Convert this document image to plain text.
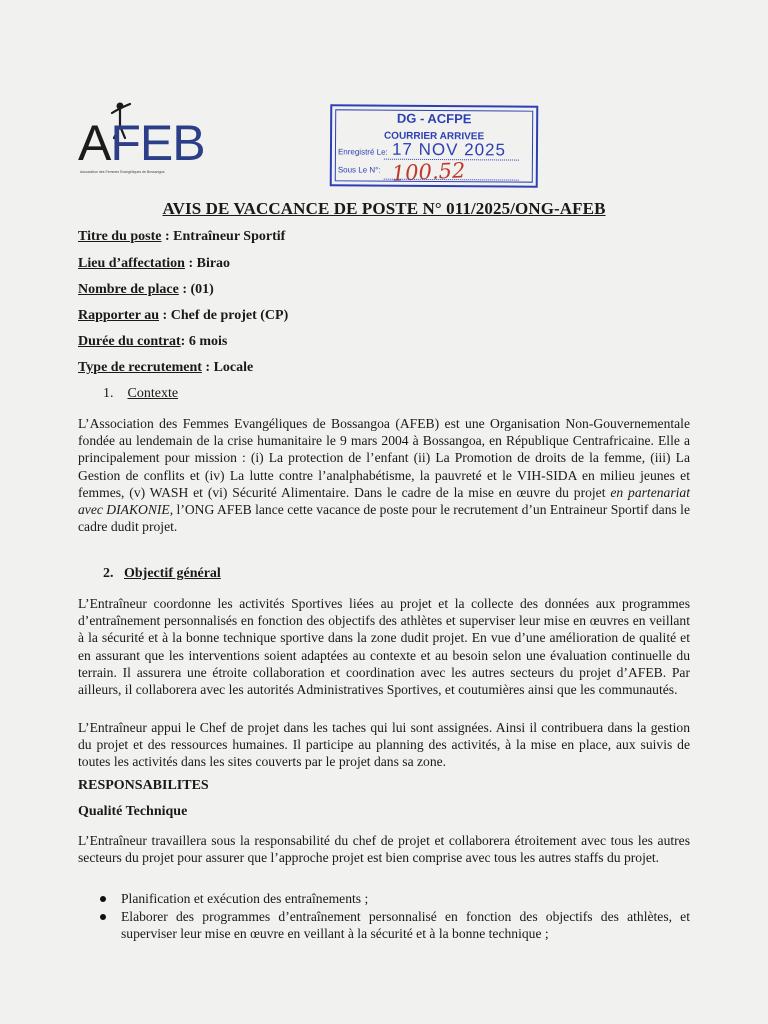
AFEB
Association des Femmes Evangéliques de Bossangoa
DG - ACFPE
COURRIER ARRIVEE
Enregistré Le: 17 NOV 2025
Sous Le N°: 100.52
AVIS DE VACCANCE DE POSTE N° 011/2025/ONG-AFEB
Titre du poste : Entraîneur Sportif
Lieu d’affectation : Birao
Nombre de place : (01)
Rapporter au : Chef de projet (CP)
Durée du contrat: 6 mois
Type de recrutement : Locale
1. Contexte
L’Association des Femmes Evangéliques de Bossangoa (AFEB) est une Organisation Non-Gouvernementale fondée au lendemain de la crise humanitaire le 9 mars 2004 à Bossangoa, en République Centrafricaine. Elle a principalement pour mission : (i) La protection de l’enfant (ii) La Promotion de droits de la femme, (iii) La Gestion de conflits et (iv) La lutte contre l’analphabétisme, la pauvreté et le VIH-SIDA en milieu jeunes et femmes, (v) WASH et (vi) Sécurité Alimentaire. Dans le cadre de la mise en œuvre du projet en partenariat avec DIAKONIE, l’ONG AFEB lance cette vacance de poste pour le recrutement d’un Entraineur Sportif dans le cadre dudit projet.
2. Objectif général
L’Entraîneur coordonne les activités Sportives liées au projet et la collecte des données aux programmes d’entraînement personnalisés en fonction des objectifs des athlètes et superviser leur mise en œuvres en veillant à la sécurité et à la bonne technique sportive dans la zone dudit projet. En vue d’une amélioration de qualité et en assurant que les interventions soient adaptées au contexte et au besoin selon une évaluation continuelle du terrain. Il assurera une étroite collaboration et coordination avec les autres secteurs du projet d’AFEB. Par ailleurs, il collaborera avec les autorités Administratives Sportives, et coutumières ainsi que les communautés.
L’Entraîneur appui le Chef de projet dans les taches qui lui sont assignées. Ainsi il contribuera dans la gestion du projet et des ressources humaines. Il participe au planning des activités, à la mise en place, aux suivis de toutes les activités dans les sites couverts par le projet dans sa zone.
RESPONSABILITES
Qualité Technique
L’Entraîneur travaillera sous la responsabilité du chef de projet et collaborera étroitement avec tous les autres secteurs du projet pour assurer que l’approche projet est bien comprise avec tous les autres staffs du projet.
Planification et exécution des entraînements ;
Elaborer des programmes d’entraînement personnalisé en fonction des objectifs des athlètes, et superviser leur mise en œuvre en veillant à la sécurité et à la bonne technique ;
